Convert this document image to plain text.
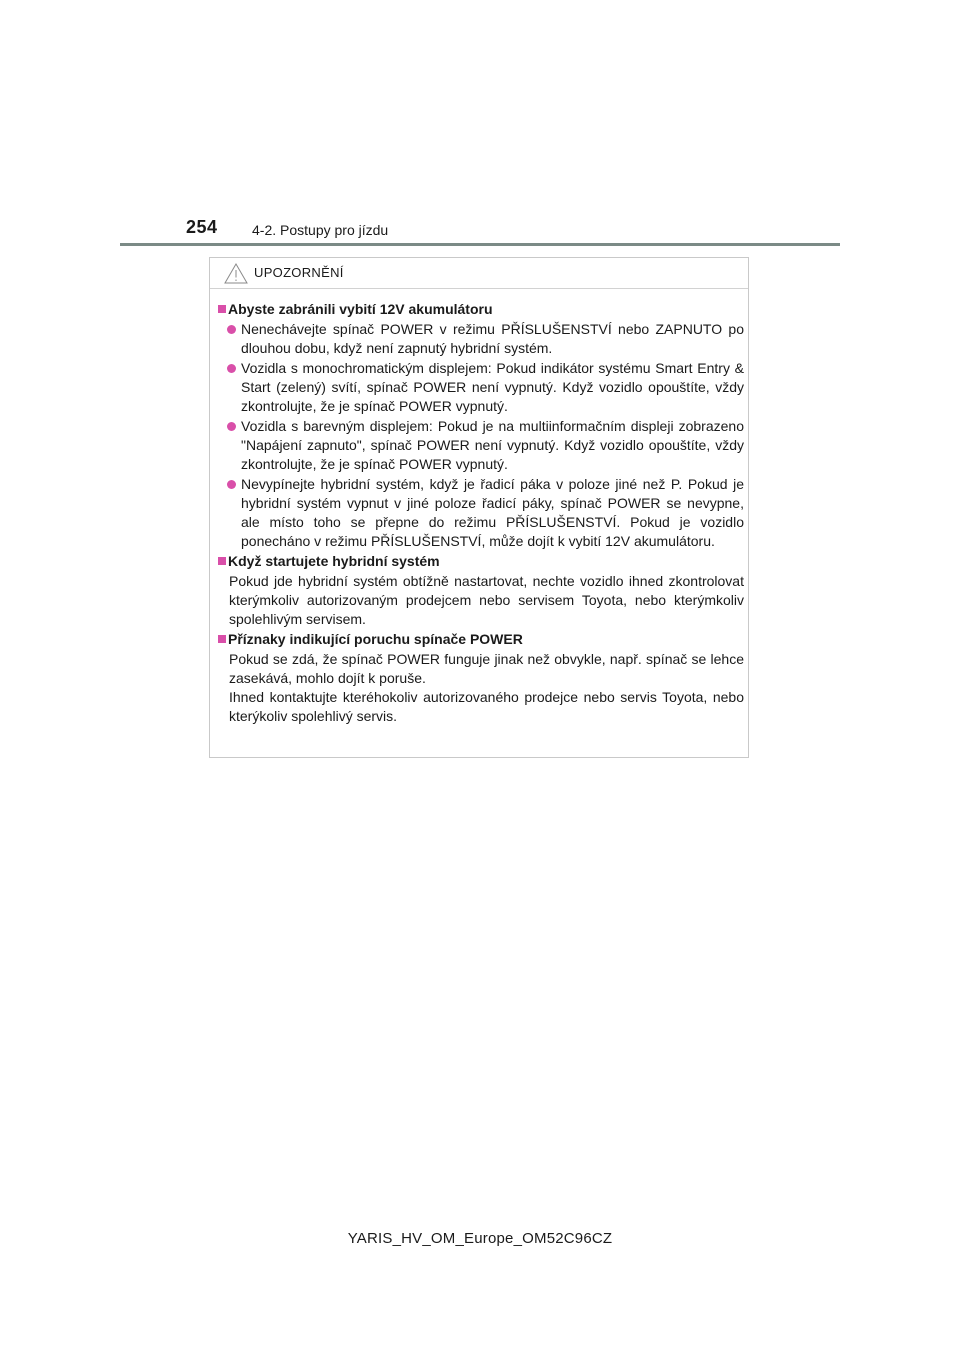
254 4-2. Postupy pro jízdu
UPOZORNĚNÍ
Abyste zabránili vybití 12V akumulátoru
Nenechávejte spínač POWER v režimu PŘÍSLUŠENSTVÍ nebo ZAPNUTO po dlouhou dobu, když není zapnutý hybridní systém.
Vozidla s monochromatickým displejem: Pokud indikátor systému Smart Entry & Start (zelený) svítí, spínač POWER není vypnutý. Když vozidlo opouštíte, vždy zkontrolujte, že je spínač POWER vypnutý.
Vozidla s barevným displejem: Pokud je na multiinformačním displeji zobrazeno "Napájení zapnuto", spínač POWER není vypnutý. Když vozidlo opouštíte, vždy zkontrolujte, že je spínač POWER vypnutý.
Nevypínejte hybridní systém, když je řadicí páka v poloze jiné než P. Pokud je hybridní systém vypnut v jiné poloze řadicí páky, spínač POWER se nevypne, ale místo toho se přepne do režimu PŘÍSLUŠENSTVÍ. Pokud je vozidlo ponecháno v režimu PŘÍSLUŠENSTVÍ, může dojít k vybití 12V akumulátoru.
Když startujete hybridní systém
Pokud jde hybridní systém obtížně nastartovat, nechte vozidlo ihned zkontrolovat kterýmkoliv autorizovaným prodejcem nebo servisem Toyota, nebo kterýmkoliv spolehlivým servisem.
Příznaky indikující poruchu spínače POWER
Pokud se zdá, že spínač POWER funguje jinak než obvykle, např. spínač se lehce zasekává, mohlo dojít k poruše.
Ihned kontaktujte kteréhokoliv autorizovaného prodejce nebo servis Toyota, nebo kterýkoliv spolehlivý servis.
YARIS_HV_OM_Europe_OM52C96CZ
